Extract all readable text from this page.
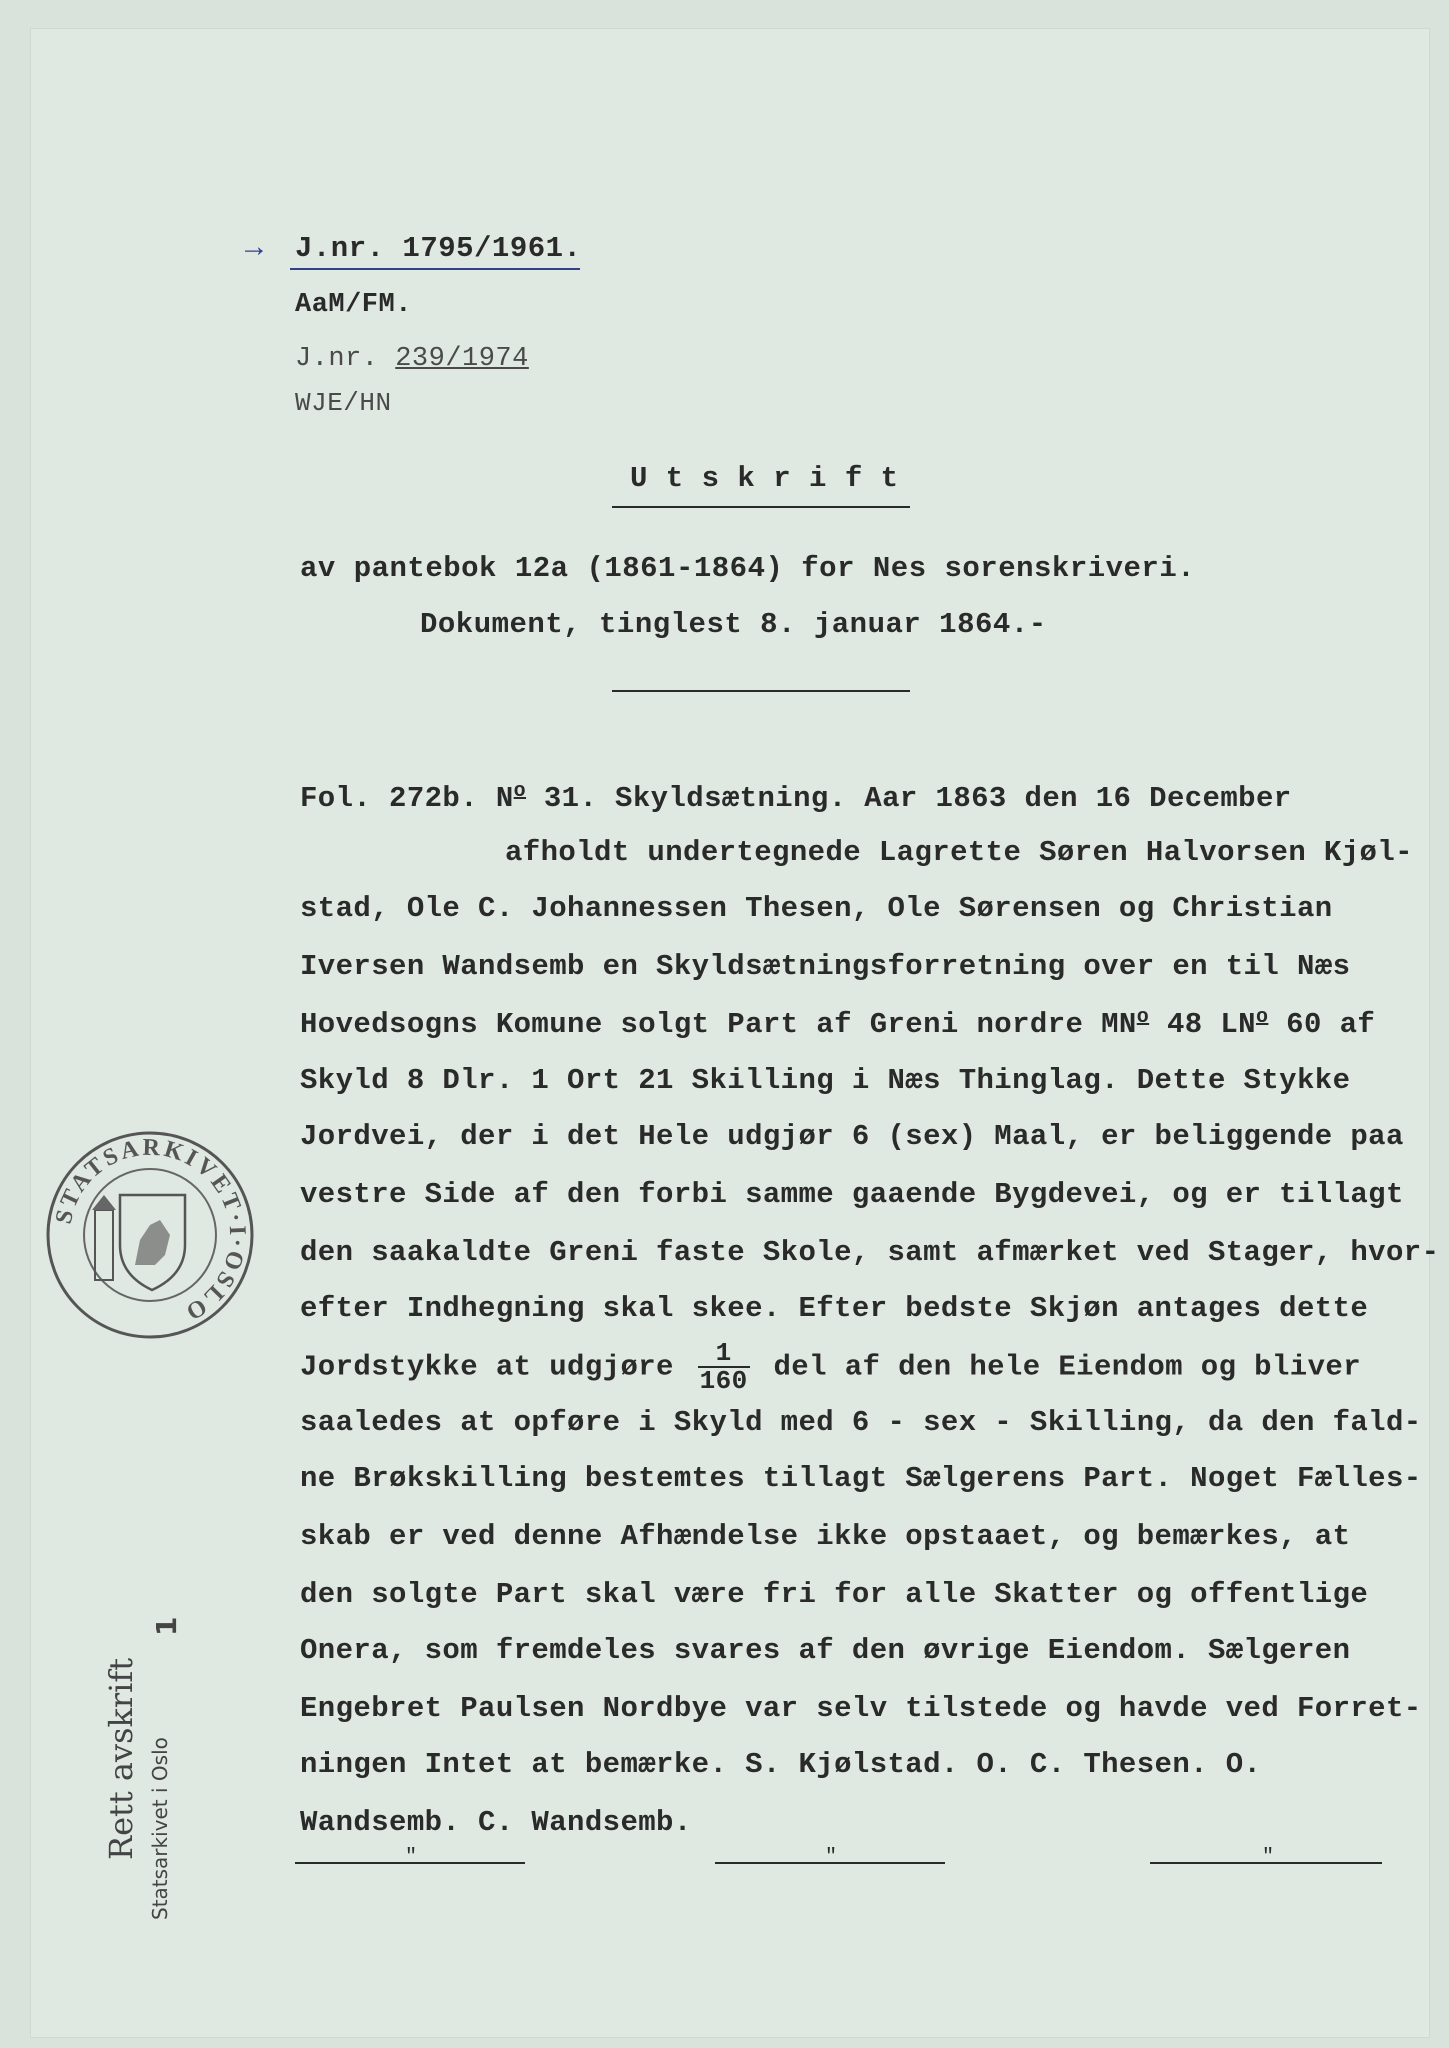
→ J.nr. 1795/1961.
AaM/FM.
J.nr. 239/1974
WJE/HN
U t s k r i f t
av pantebok 12a (1861-1864) for Nes sorenskriveri.
Dokument, tinglest 8. januar 1864.-
Fol. 272b. $N^o$ 31. Skyldsætning. Aar 1863 den 16 December
afholdt undertegnede Lagrette Søren Halvorsen Kjøl-
stad, Ole C. Johannessen Thesen, Ole Sørensen og Christian
Iversen Wandsemb en Skyldsætningsforretning over en til Næs
Hovedsogns Komune solgt Part af Greni nordre $MN^o$ 48 $LN^o$ 60 af
Skyld 8 Dlr. 1 Ort 21 Skilling i Næs Thinglag. Dette Stykke
Jordvei, der i det Hele udgjør 6 (sex) Maal, er beliggende paa
vestre Side af den forbi samme gaaende Bygdevei, og er tillagt
den saakaldte Greni faste Skole, samt afmærket ved Stager, hvor-
efter Indhegning skal skee. Efter bedste Skjøn antages dette
Jordstykke at udgjøre $\frac{1}{160}$ del af den hele Eiendom og bliver
saaledes at opføre i Skyld med 6 - sex - Skilling, da den fald-
ne Brøkskilling bestemtes tillagt Sælgerens Part. Noget Fælles-
skab er ved denne Afhændelse ikke opstaaet, og bemærkes, at
den solgte Part skal være fri for alle Skatter og offentlige
Onera, som fremdeles svares af den øvrige Eiendom. Sælgeren
Engebret Paulsen Nordbye var selv tilstede og havde ved Forret-
ningen Intet at bemærke. S. Kjølstad. O. C. Thesen. O.
Wandsemb. C. Wandsemb.
"	"	"
STATSARKIVET·I·OSLO
Rett avskrift Statsarkivet i Oslo
1
